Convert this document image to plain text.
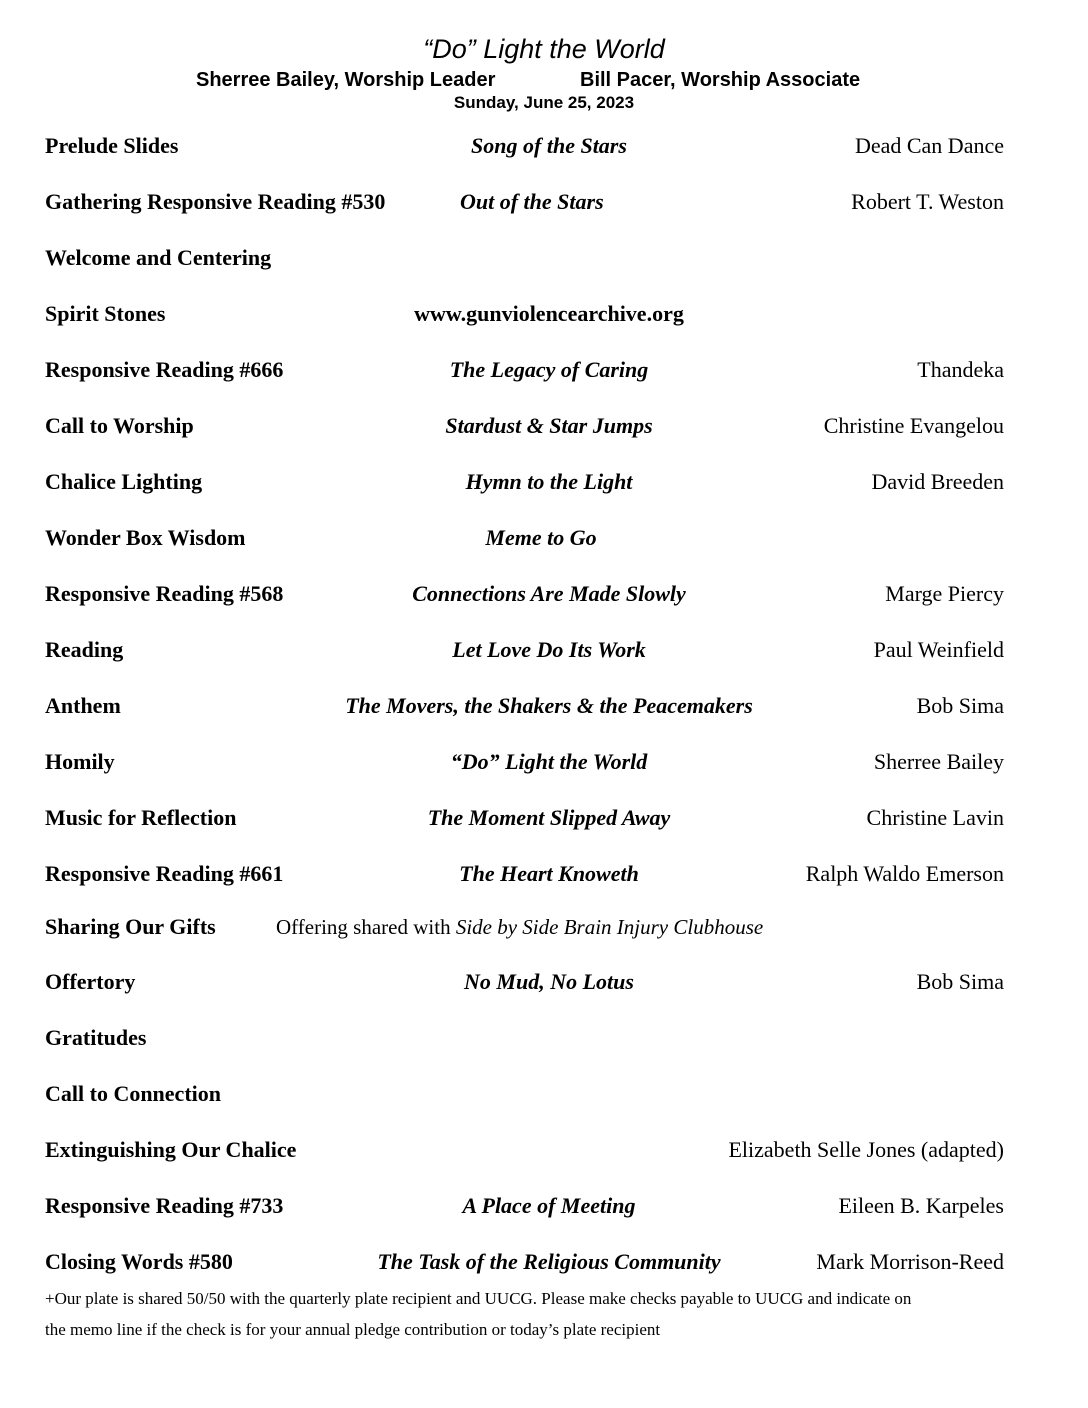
“Do” Light the World
Sherree Bailey, Worship Leader	Bill Pacer, Worship Associate
Sunday, June 25, 2023
Prelude Slides	Song of the Stars	Dead Can Dance
Gathering Responsive Reading #530	Out of the Stars	Robert T. Weston
Welcome and Centering
Spirit Stones	www.gunviolencearchive.org
Responsive Reading #666	The Legacy of Caring	Thandeka
Call to Worship	Stardust & Star Jumps	Christine Evangelou
Chalice Lighting	Hymn to the Light	David Breeden
Wonder Box Wisdom	Meme to Go
Responsive Reading #568	Connections Are Made Slowly	Marge Piercy
Reading	Let Love Do Its Work	Paul Weinfield
Anthem	The Movers, the Shakers & the Peacemakers	Bob Sima
Homily	“Do” Light the World	Sherree Bailey
Music for Reflection	The Moment Slipped Away	Christine Lavin
Responsive Reading #661	The Heart Knoweth	Ralph Waldo Emerson
Sharing Our Gifts	Offering shared with Side by Side Brain Injury Clubhouse
Offertory	No Mud, No Lotus	Bob Sima
Gratitudes
Call to Connection
Extinguishing Our Chalice	Elizabeth Selle Jones (adapted)
Responsive Reading #733	A Place of Meeting	Eileen B. Karpeles
Closing Words #580	The Task of the Religious Community	Mark Morrison-Reed
+Our plate is shared 50/50 with the quarterly plate recipient and UUCG. Please make checks payable to UUCG and indicate on
the memo line if the check is for your annual pledge contribution or today’s plate recipient
